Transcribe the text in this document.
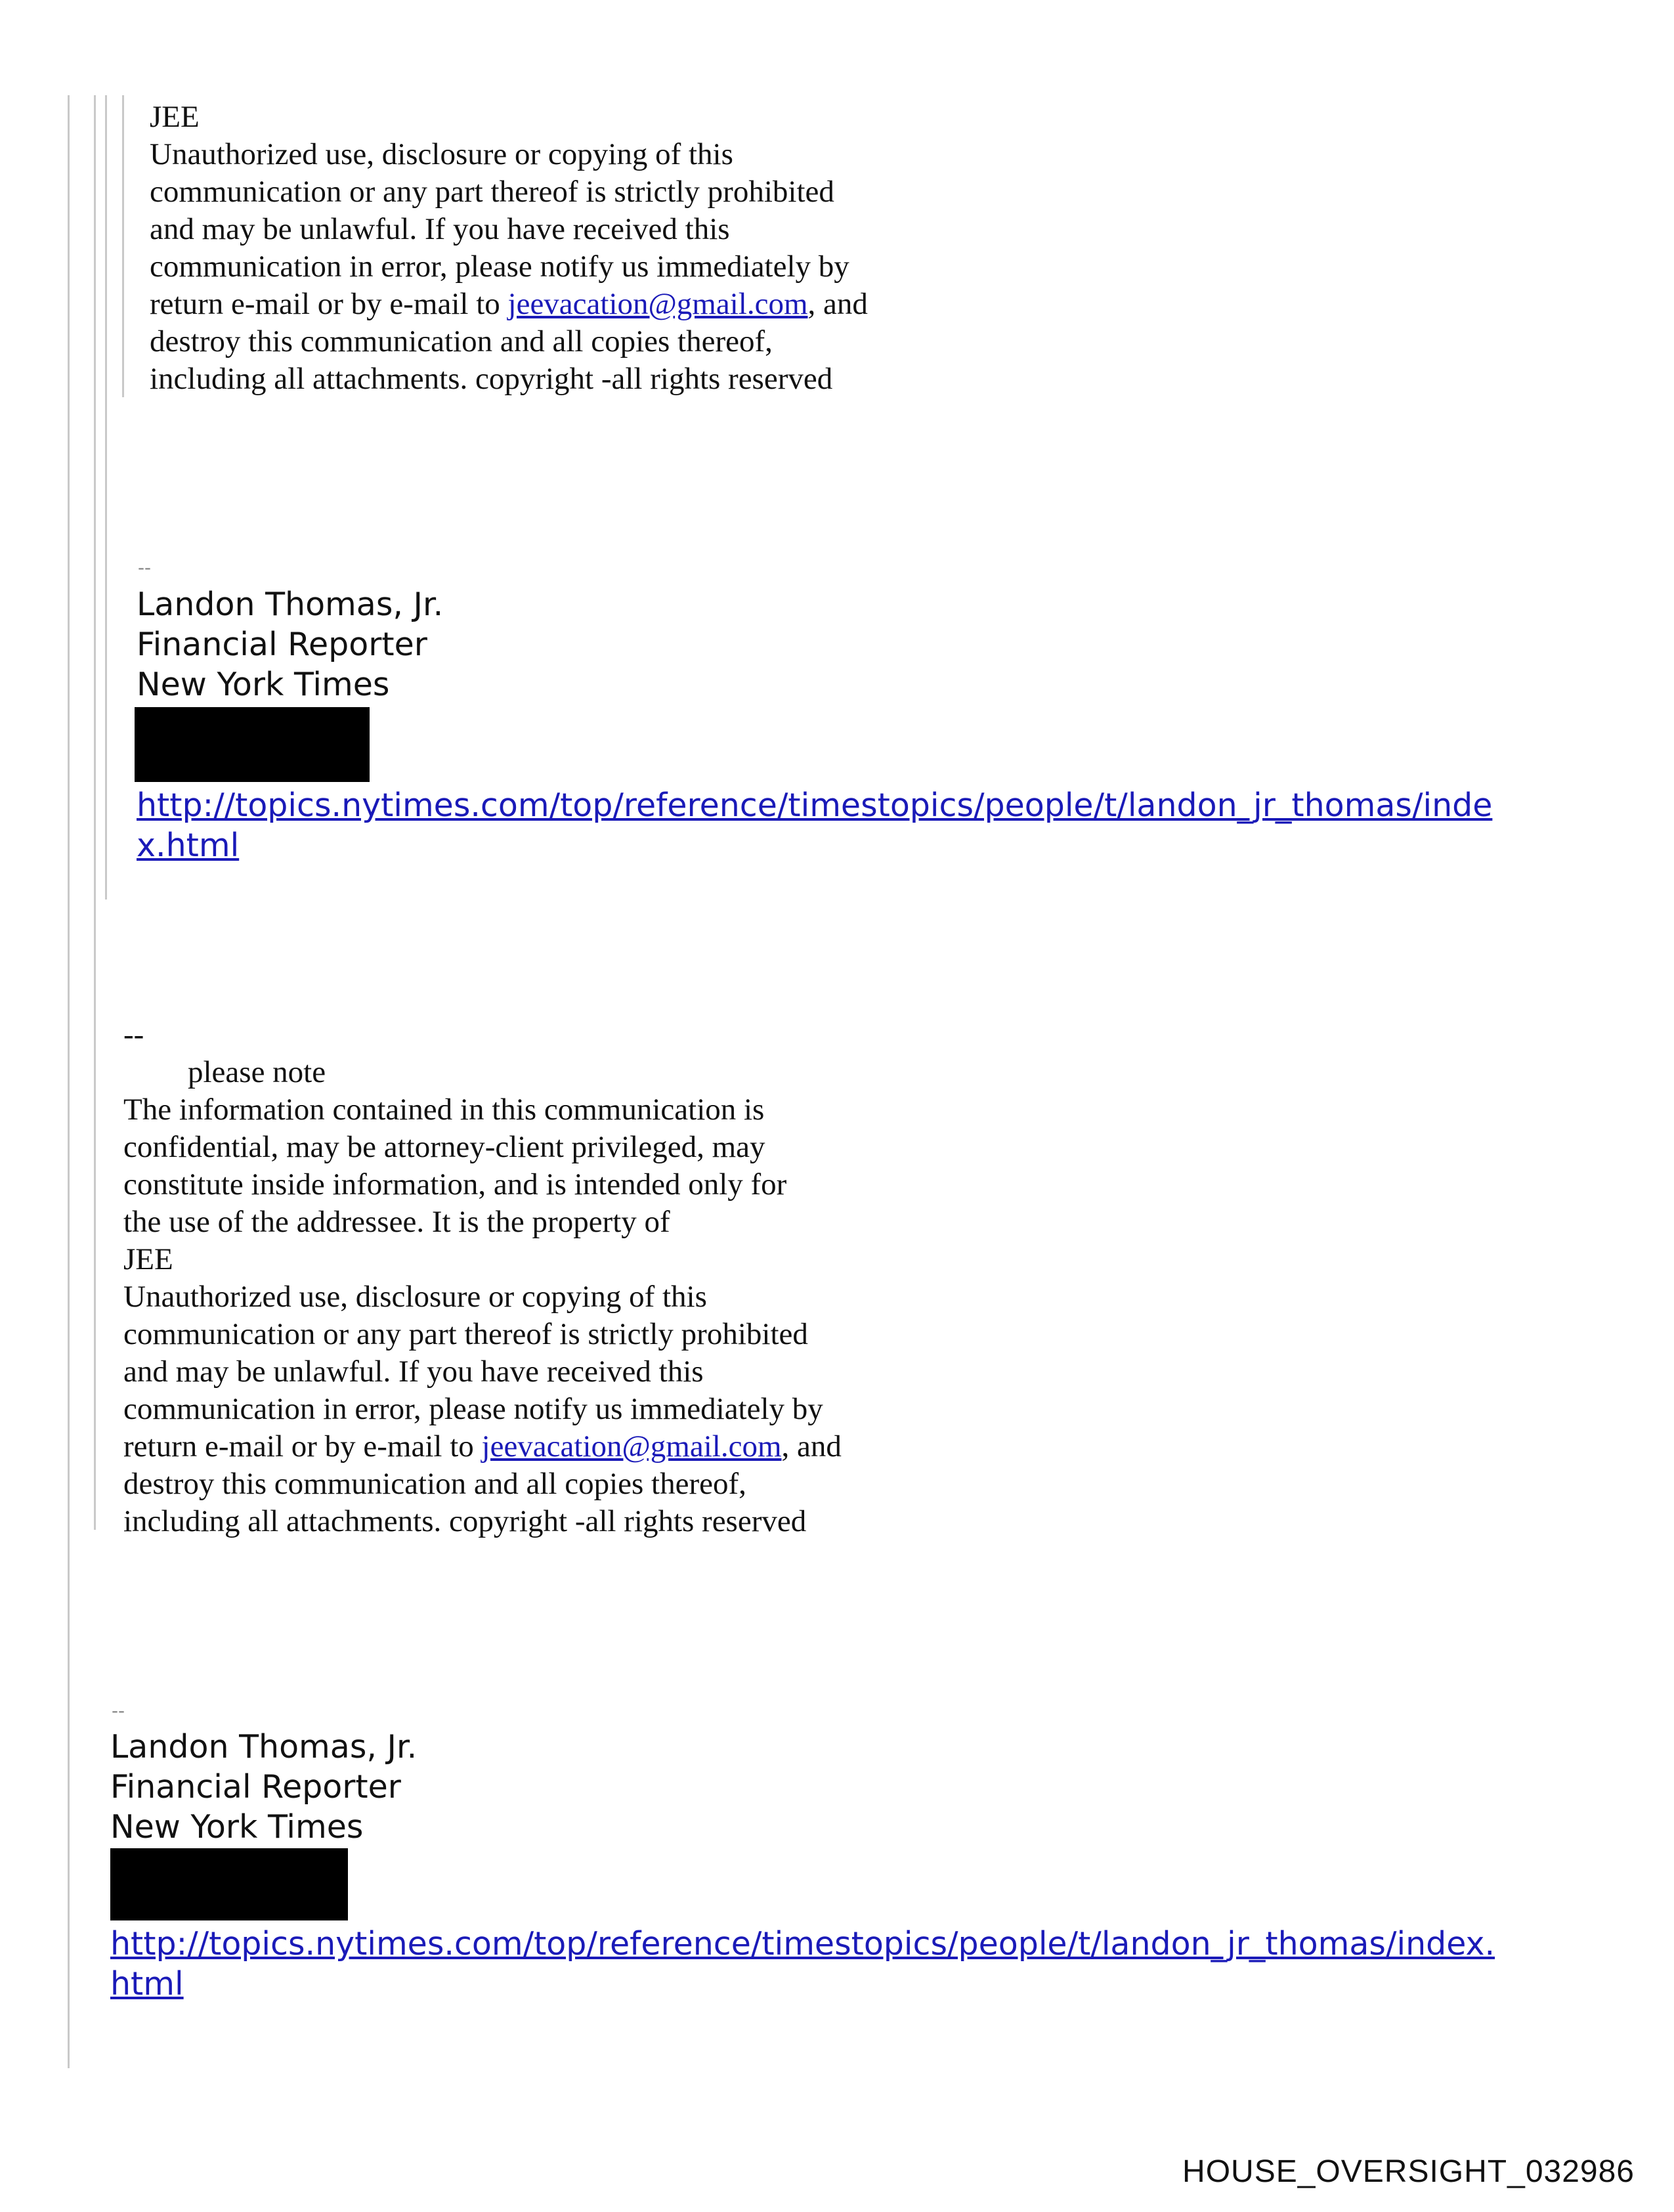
JEE
Unauthorized use, disclosure or copying of this
communication or any part thereof is strictly prohibited
and may be unlawful. If you have received this
communication in error, please notify us immediately by
return e-mail or by e-mail to jeevacation@gmail.com, and
destroy this communication and all copies thereof,
including all attachments. copyright -all rights reserved
--
Landon Thomas, Jr.
Financial Reporter
New York Times
http://topics.nytimes.com/top/reference/timestopics/people/t/landon_jr_thomas/inde
x.html
--
please note
The information contained in this communication is
confidential, may be attorney-client privileged, may
constitute inside information, and is intended only for
the use of the addressee. It is the property of
JEE
Unauthorized use, disclosure or copying of this
communication or any part thereof is strictly prohibited
and may be unlawful. If you have received this
communication in error, please notify us immediately by
return e-mail or by e-mail to jeevacation@gmail.com, and
destroy this communication and all copies thereof,
including all attachments. copyright -all rights reserved
--
Landon Thomas, Jr.
Financial Reporter
New York Times
http://topics.nytimes.com/top/reference/timestopics/people/t/landon_jr_thomas/index.
html
HOUSE_OVERSIGHT_032986
